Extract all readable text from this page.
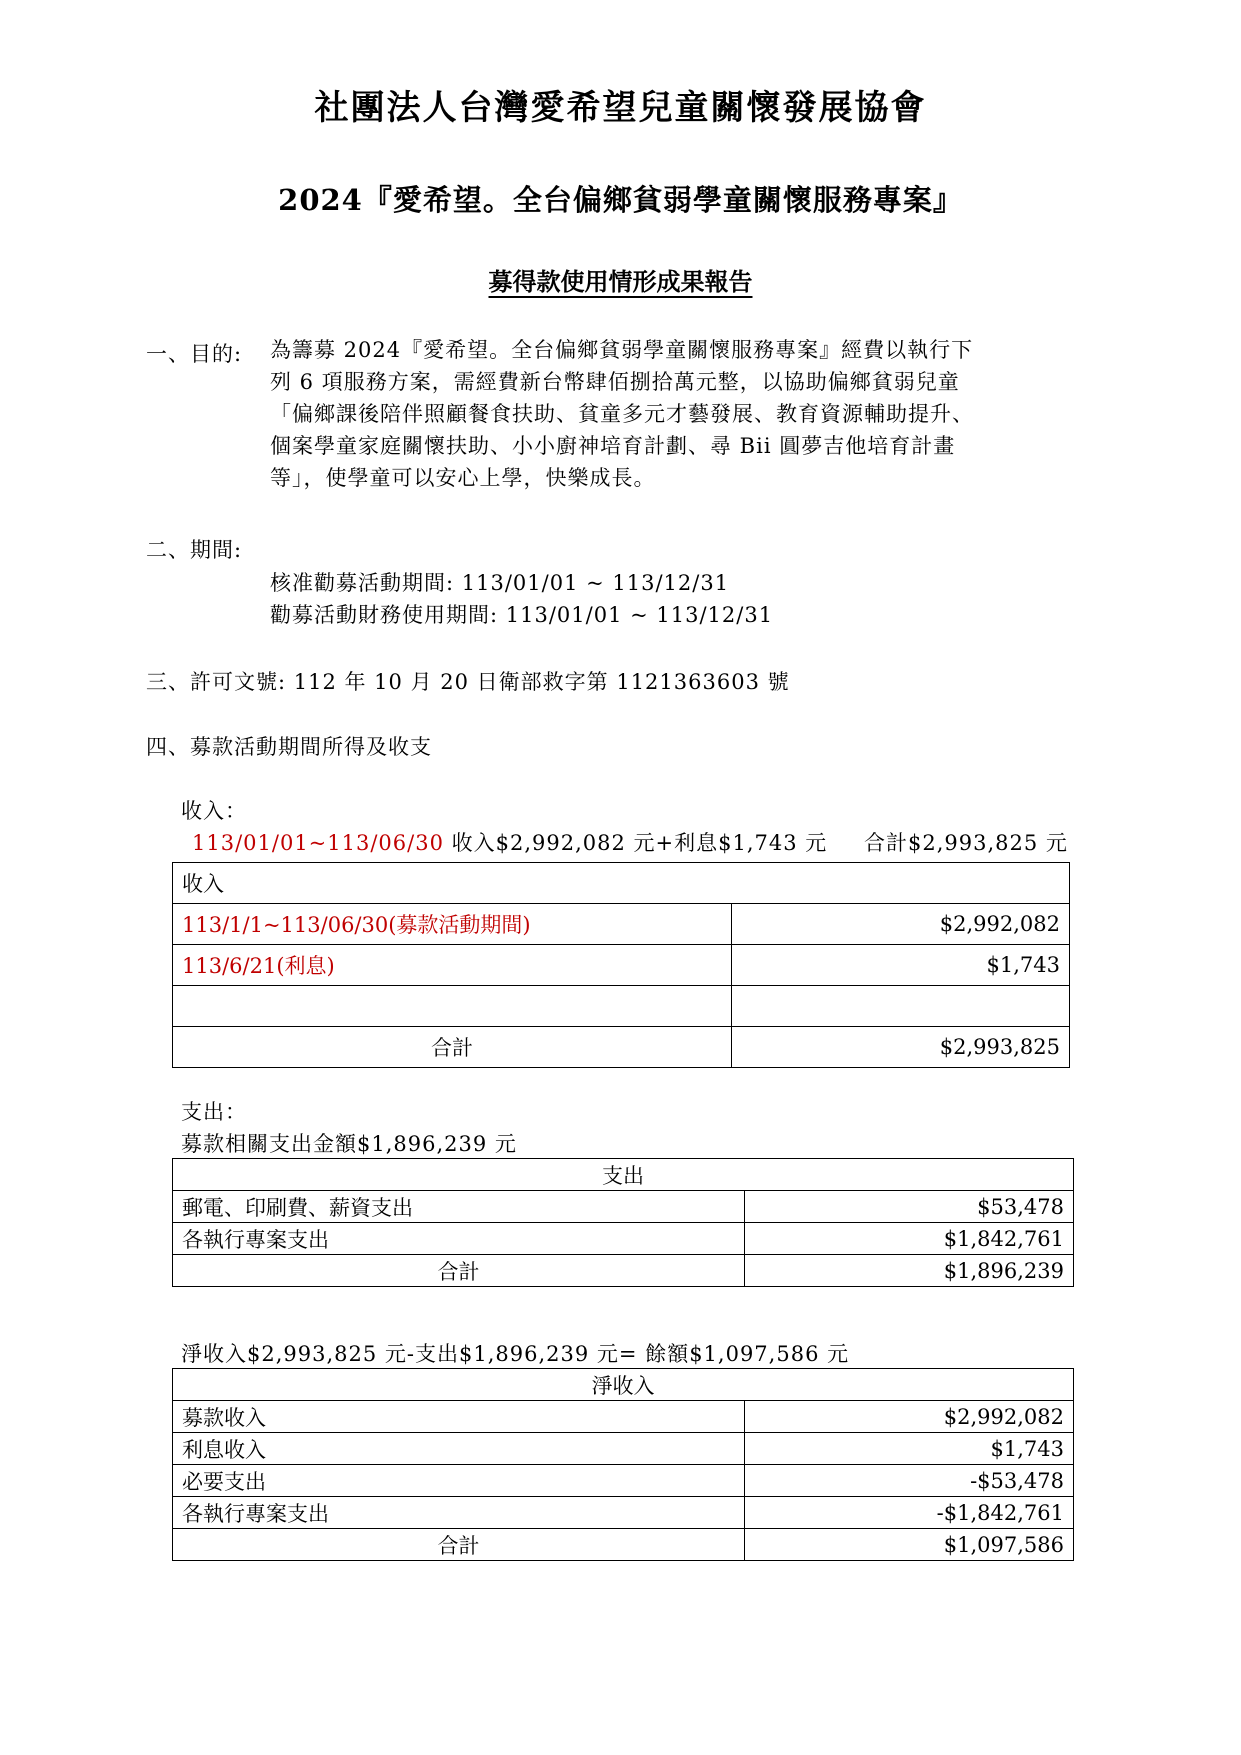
社團法人台灣愛希望兒童關懷發展協會
2024『愛希望。全台偏鄉貧弱學童關懷服務專案』
募得款使用情形成果報告
一、目的: 為籌募 2024『愛希望。全台偏鄉貧弱學童關懷服務專案』經費以執行下
列 6 項服務方案，需經費新台幣肆佰捌拾萬元整，以協助偏鄉貧弱兒童
「偏鄉課後陪伴照顧餐食扶助、貧童多元才藝發展、教育資源輔助提升、
個案學童家庭關懷扶助、小小廚神培育計劃、尋 Bii 圓夢吉他培育計畫
等」，使學童可以安心上學，快樂成長。
二、期間:
核准勸募活動期間: 113/01/01 ~ 113/12/31
勸募活動財務使用期間: 113/01/01 ~ 113/12/31
三、許可文號: 112 年 10 月 20 日衛部救字第 1121363603 號
四、募款活動期間所得及收支
收入：
113/01/01~113/06/30 收入$2,992,082 元+利息$1,743 元 合計$2,993,825 元
收入	
113/1/1~113/06/30(募款活動期間)	$2,992,082
113/6/21(利息)	$1,743

合計	$2,993,825
支出：
募款相關支出金額$1,896,239 元
支出	
郵電、印刷費、薪資支出	$53,478
各執行專案支出	$1,842,761
合計	$1,896,239
淨收入$2,993,825 元-支出$1,896,239 元= 餘額$1,097,586 元
淨收入	
募款收入	$2,992,082
利息收入	$1,743
必要支出	-$53,478
各執行專案支出	-$1,842,761
合計	$1,097,586
